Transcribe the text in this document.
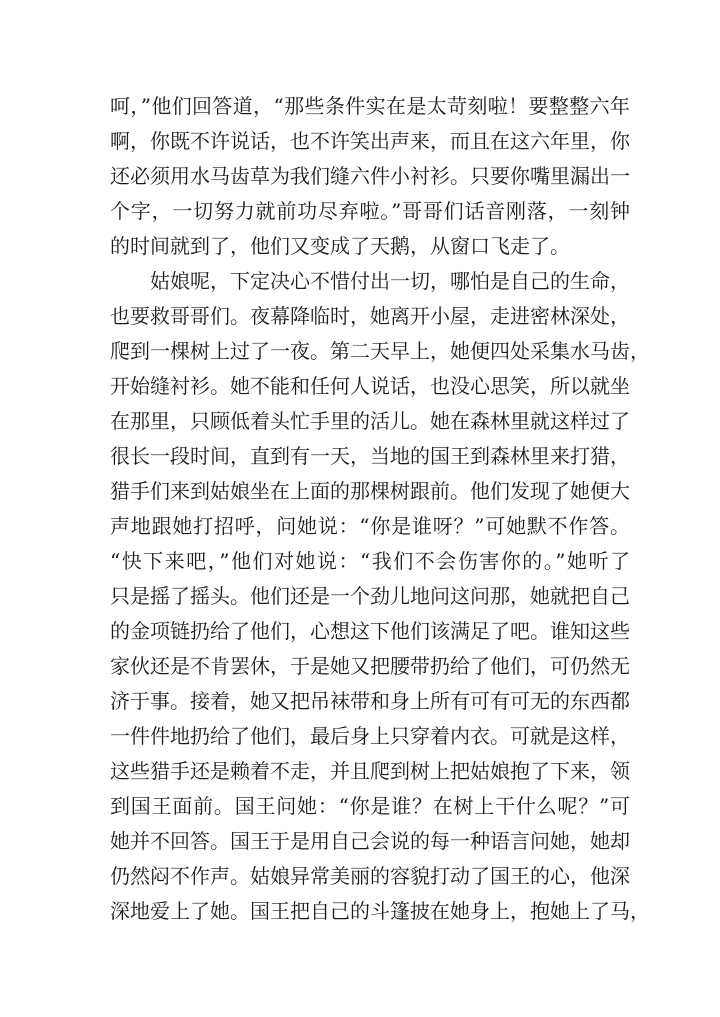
呵，”他们回答道，“那些条件实在是太苛刻啦！要整整六年
啊，你既不许说话，也不许笑出声来，而且在这六年里，你
还必须用水马齿草为我们缝六件小衬衫。只要你嘴里漏出一
个字，一切努力就前功尽弃啦。”哥哥们话音刚落，一刻钟
的时间就到了，他们又变成了天鹅，从窗口飞走了。
姑娘呢，下定决心不惜付出一切，哪怕是自己的生命，
也要救哥哥们。夜幕降临时，她离开小屋，走进密林深处，
爬到一棵树上过了一夜。第二天早上，她便四处采集水马齿，
开始缝衬衫。她不能和任何人说话，也没心思笑，所以就坐
在那里，只顾低着头忙手里的活儿。她在森林里就这样过了
很长一段时间，直到有一天，当地的国王到森林里来打猎，
猎手们来到姑娘坐在上面的那棵树跟前。他们发现了她便大
声地跟她打招呼，问她说：“你是谁呀？”可她默不作答。
“快下来吧，”他们对她说：“我们不会伤害你的。”她听了
只是摇了摇头。他们还是一个劲儿地问这问那，她就把自己
的金项链扔给了他们，心想这下他们该满足了吧。谁知这些
家伙还是不肯罢休，于是她又把腰带扔给了他们，可仍然无
济于事。接着，她又把吊袜带和身上所有可有可无的东西都
一件件地扔给了他们，最后身上只穿着内衣。可就是这样，
这些猎手还是赖着不走，并且爬到树上把姑娘抱了下来，领
到国王面前。国王问她：“你是谁？在树上干什么呢？”可
她并不回答。国王于是用自己会说的每一种语言问她，她却
仍然闷不作声。姑娘异常美丽的容貌打动了国王的心，他深
深地爱上了她。国王把自己的斗篷披在她身上，抱她上了马，
